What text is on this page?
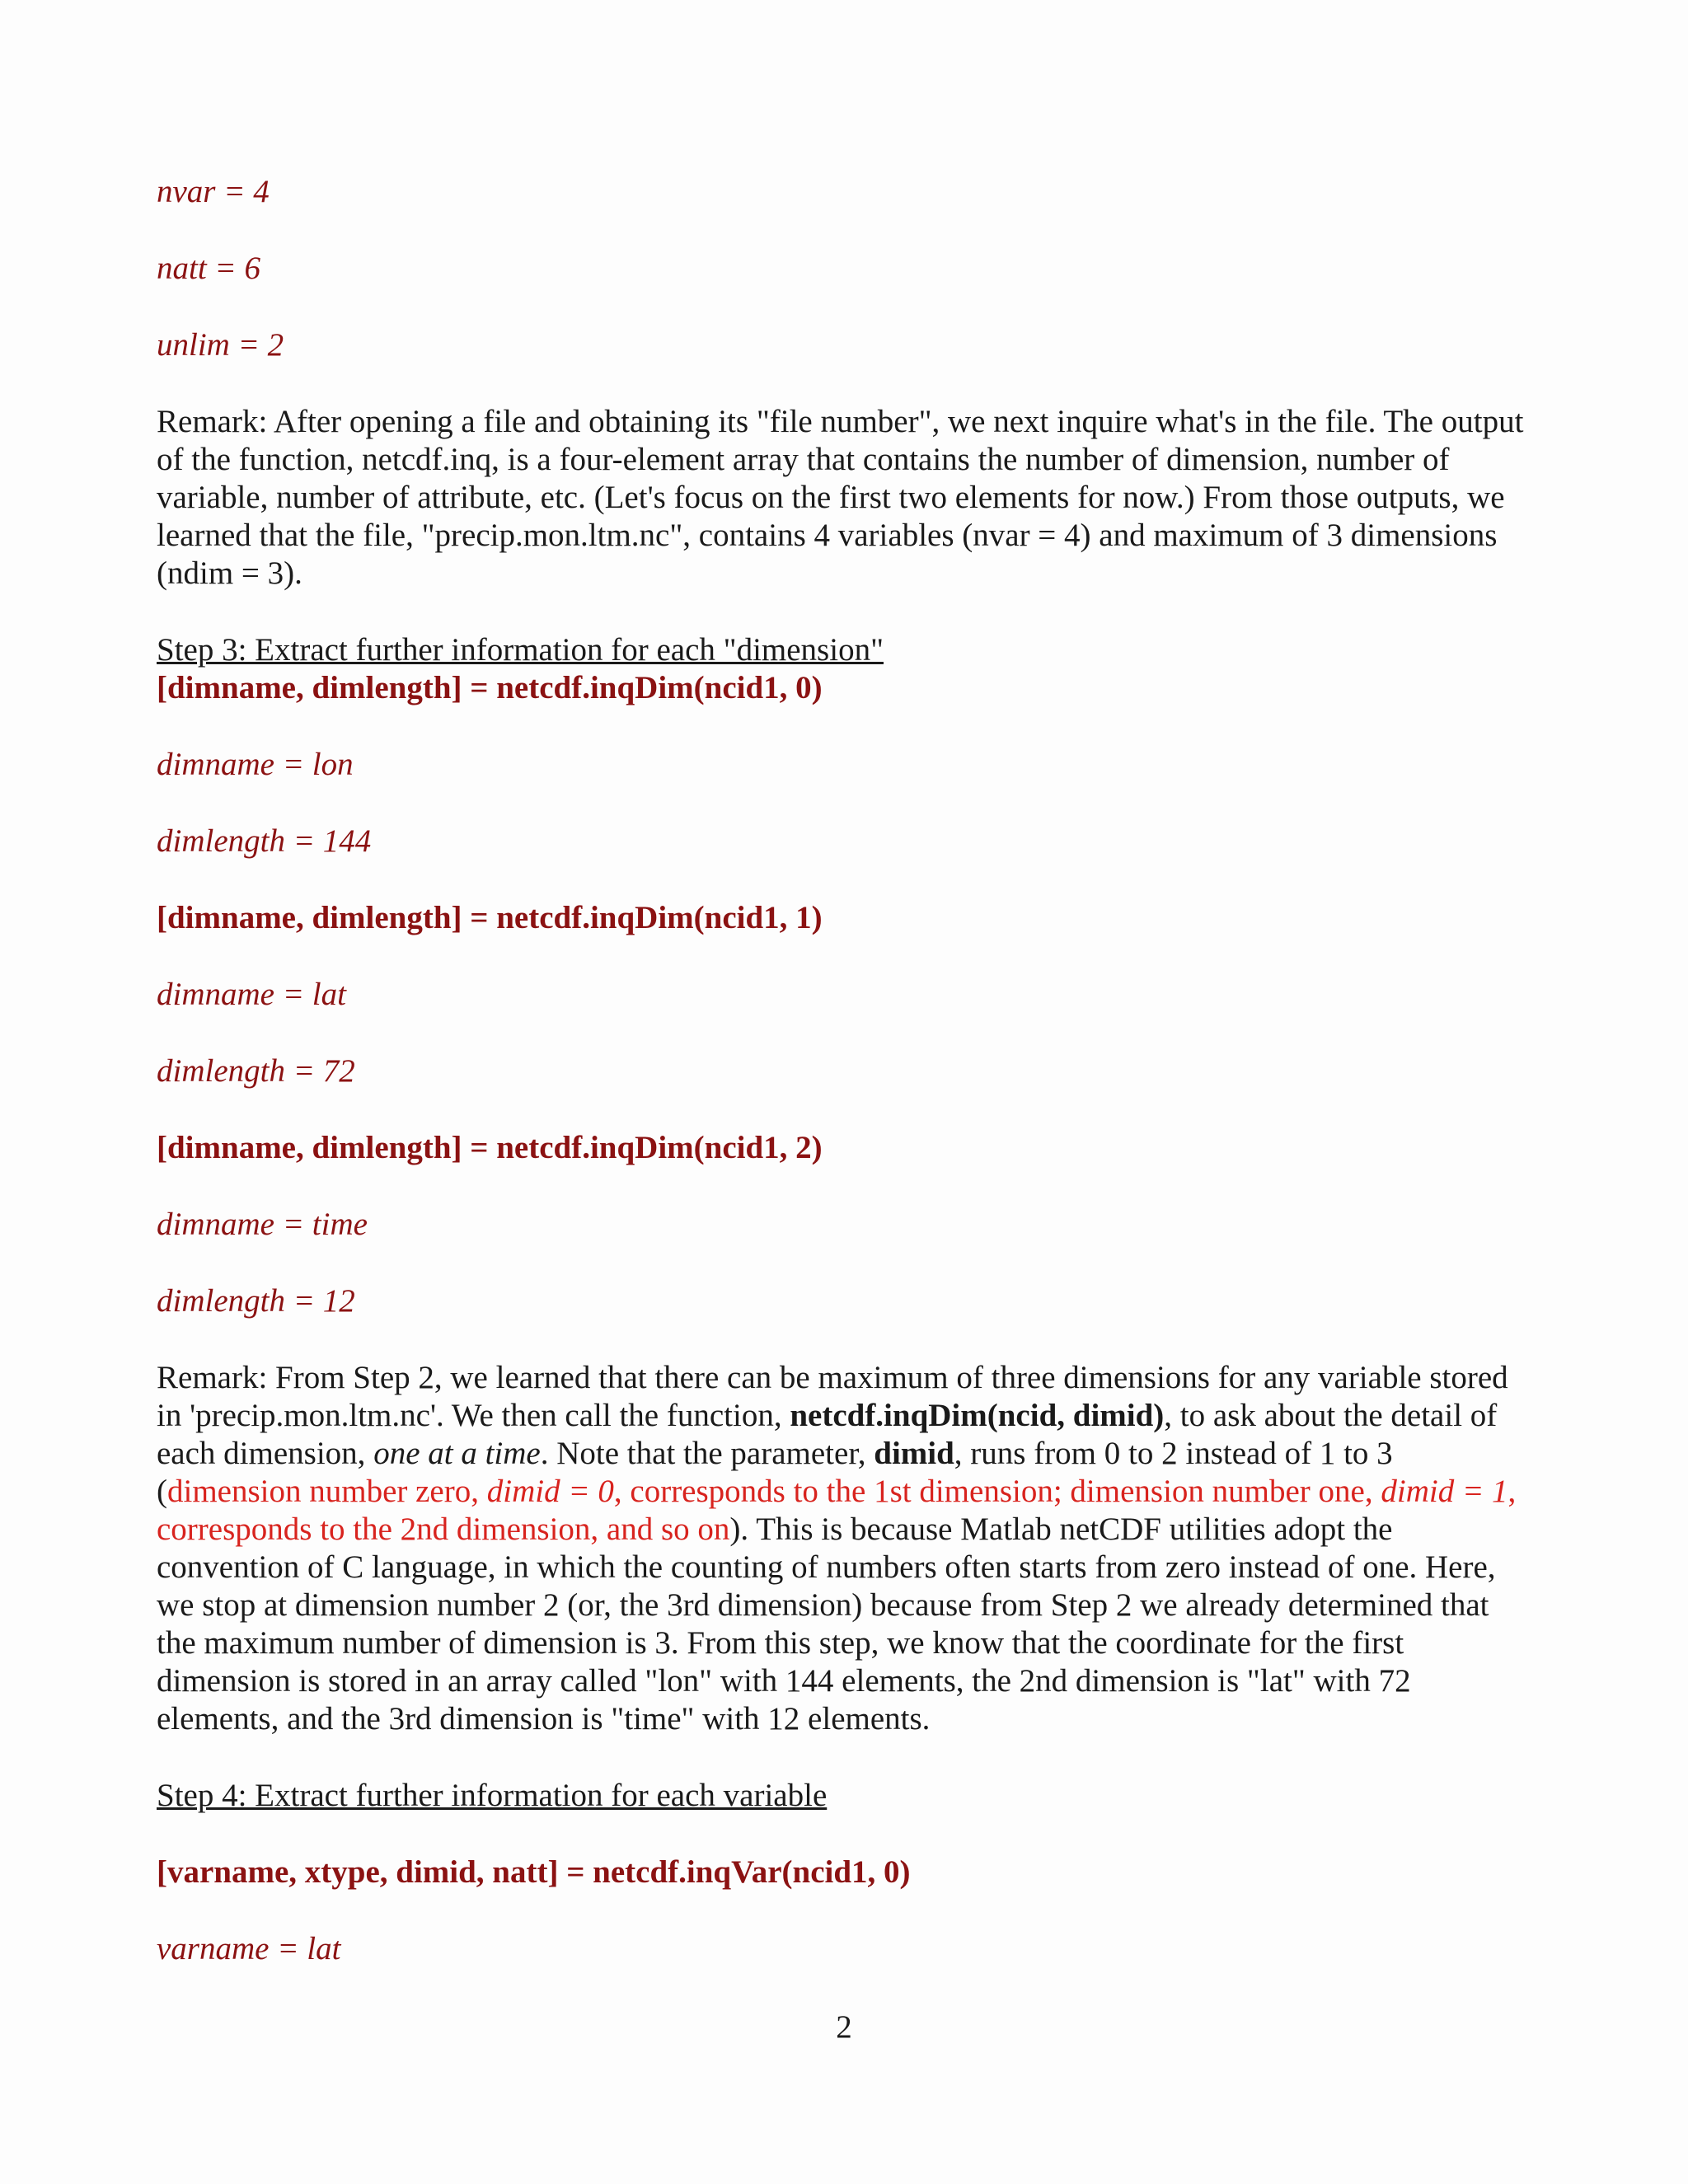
nvar = 4

natt = 6

unlim = 2

Remark: After opening a file and obtaining its "file number", we next inquire what's in the file. The output of the function, netcdf.inq, is a four-element array that contains the number of dimension, number of variable, number of attribute, etc. (Let's focus on the first two elements for now.) From those outputs, we learned that the file, "precip.mon.ltm.nc", contains 4 variables (nvar = 4) and maximum of 3 dimensions (ndim = 3).

Step 3: Extract further information for each "dimension"

[dimname, dimlength] = netcdf.inqDim(ncid1, 0)

dimname = lon

dimlength = 144

[dimname, dimlength] = netcdf.inqDim(ncid1, 1)

dimname = lat

dimlength = 72

[dimname, dimlength] = netcdf.inqDim(ncid1, 2)

dimname = time

dimlength = 12

Remark: From Step 2, we learned that there can be maximum of three dimensions for any variable stored in 'precip.mon.ltm.nc'. We then call the function, netcdf.inqDim(ncid, dimid), to ask about the detail of each dimension, one at a time. Note that the parameter, dimid, runs from 0 to 2 instead of 1 to 3 (dimension number zero, dimid = 0, corresponds to the 1st dimension; dimension number one, dimid = 1, corresponds to the 2nd dimension, and so on). This is because Matlab netCDF utilities adopt the convention of C language, in which the counting of numbers often starts from zero instead of one. Here, we stop at dimension number 2 (or, the 3rd dimension) because from Step 2 we already determined that the maximum number of dimension is 3. From this step, we know that the coordinate for the first dimension is stored in an array called "lon" with 144 elements, the 2nd dimension is "lat" with 72 elements, and the 3rd dimension is "time" with 12 elements.

Step 4: Extract further information for each variable

[varname, xtype, dimid, natt] = netcdf.inqVar(ncid1, 0)

varname = lat

2
